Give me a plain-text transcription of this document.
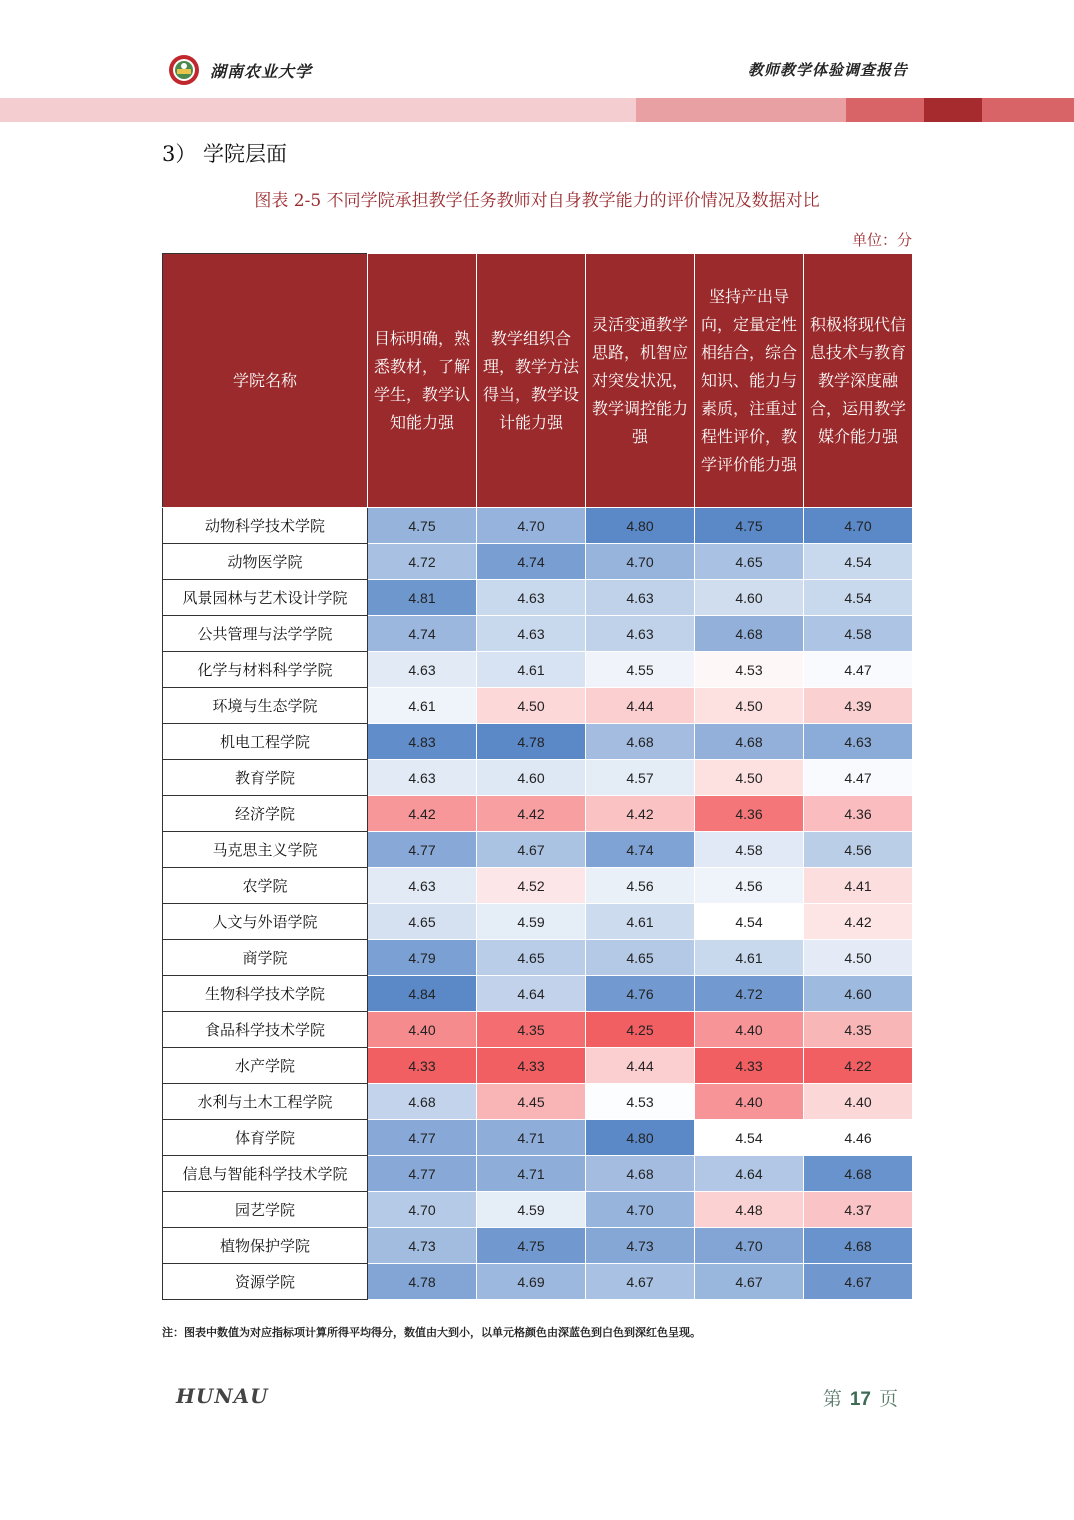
湖南农业大学	教师教学体验调查报告
3） 学院层面
图表 2-5 不同学院承担教学任务教师对自身教学能力的评价情况及数据对比
单位：分
学院名称	目标明确，熟悉教材，了解学生，教学认知能力强	教学组织合理，教学方法得当，教学设计能力强	灵活变通教学思路，机智应对突发状况，教学调控能力强	坚持产出导向，定量定性相结合，综合知识、能力与素质，注重过程性评价，教学评价能力强	积极将现代信息技术与教育教学深度融合，运用教学媒介能力强
动物科学技术学院	4.75	4.70	4.80	4.75	4.70
动物医学院	4.72	4.74	4.70	4.65	4.54
风景园林与艺术设计学院	4.81	4.63	4.63	4.60	4.54
公共管理与法学学院	4.74	4.63	4.63	4.68	4.58
化学与材料科学学院	4.63	4.61	4.55	4.53	4.47
环境与生态学院	4.61	4.50	4.44	4.50	4.39
机电工程学院	4.83	4.78	4.68	4.68	4.63
教育学院	4.63	4.60	4.57	4.50	4.47
经济学院	4.42	4.42	4.42	4.36	4.36
马克思主义学院	4.77	4.67	4.74	4.58	4.56
农学院	4.63	4.52	4.56	4.56	4.41
人文与外语学院	4.65	4.59	4.61	4.54	4.42
商学院	4.79	4.65	4.65	4.61	4.50
生物科学技术学院	4.84	4.64	4.76	4.72	4.60
食品科学技术学院	4.40	4.35	4.25	4.40	4.35
水产学院	4.33	4.33	4.44	4.33	4.22
水利与土木工程学院	4.68	4.45	4.53	4.40	4.40
体育学院	4.77	4.71	4.80	4.54	4.46
信息与智能科学技术学院	4.77	4.71	4.68	4.64	4.68
园艺学院	4.70	4.59	4.70	4.48	4.37
植物保护学院	4.73	4.75	4.73	4.70	4.68
资源学院	4.78	4.69	4.67	4.67	4.67
注：图表中数值为对应指标项计算所得平均得分，数值由大到小，以单元格颜色由深蓝色到白色到深红色呈现。
HUNAU	第 17 页
